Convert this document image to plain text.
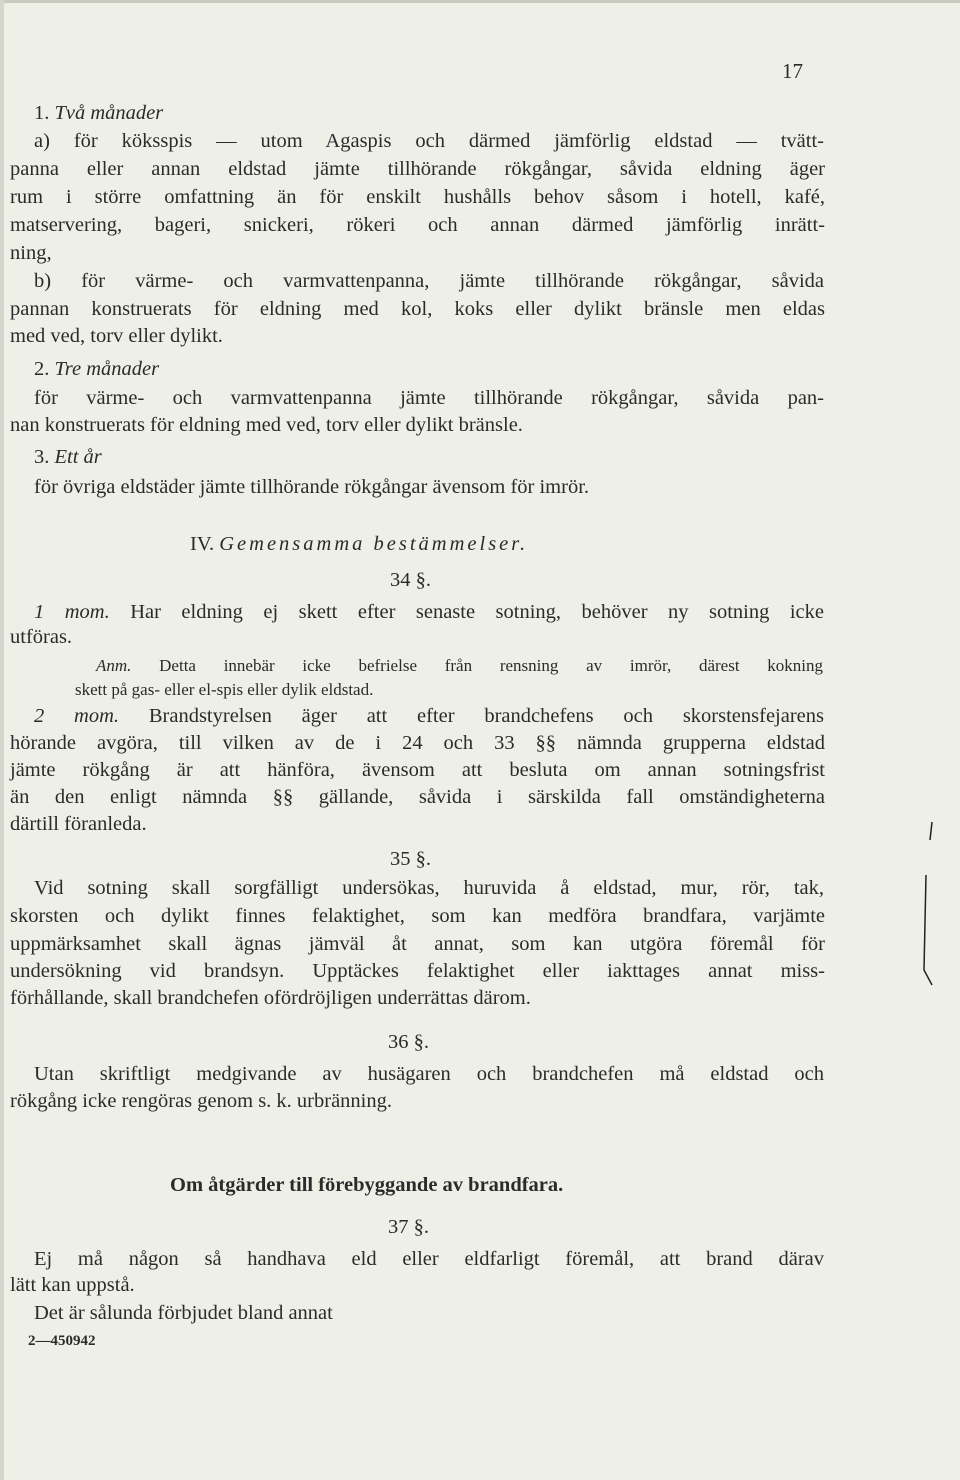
17
1. Två månader
a) för köksspis — utom Agaspis och därmed jämförlig eldstad — tvätt-
panna eller annan eldstad jämte tillhörande rökgångar, såvida eldning äger
rum i större omfattning än för enskilt hushålls behov såsom i hotell, kafé,
matservering, bageri, snickeri, rökeri och annan därmed jämförlig inrätt-
ning,
b) för värme- och varmvattenpanna, jämte tillhörande rökgångar, såvida
pannan konstruerats för eldning med kol, koks eller dylikt bränsle men eldas
med ved, torv eller dylikt.
2. Tre månader
för värme- och varmvattenpanna jämte tillhörande rökgångar, såvida pan-
nan konstruerats för eldning med ved, torv eller dylikt bränsle.
3. Ett år
för övriga eldstäder jämte tillhörande rökgångar ävensom för imrör.
IV. Gemensamma bestämmelser.
34 §.
1 mom. Har eldning ej skett efter senaste sotning, behöver ny sotning icke
utföras.
Anm. Detta innebär icke befrielse från rensning av imrör, därest kokning
skett på gas- eller el-spis eller dylik eldstad.
2 mom. Brandstyrelsen äger att efter brandchefens och skorstensfejarens
hörande avgöra, till vilken av de i 24 och 33 §§ nämnda grupperna eldstad
jämte rökgång är att hänföra, ävensom att besluta om annan sotningsfrist
än den enligt nämnda §§ gällande, såvida i särskilda fall omständigheterna
därtill föranleda.
35 §.
Vid sotning skall sorgfälligt undersökas, huruvida å eldstad, mur, rör, tak,
skorsten och dylikt finnes felaktighet, som kan medföra brandfara, varjämte
uppmärksamhet skall ägnas jämväl åt annat, som kan utgöra föremål för
undersökning vid brandsyn. Upptäckes felaktighet eller iakttages annat miss-
förhållande, skall brandchefen ofördröjligen underrättas därom.
36 §.
Utan skriftligt medgivande av husägaren och brandchefen må eldstad och
rökgång icke rengöras genom s. k. urbränning.
Om åtgärder till förebyggande av brandfara.
37 §.
Ej må någon så handhava eld eller eldfarligt föremål, att brand därav
lätt kan uppstå.
Det är sålunda förbjudet bland annat
2—450942
